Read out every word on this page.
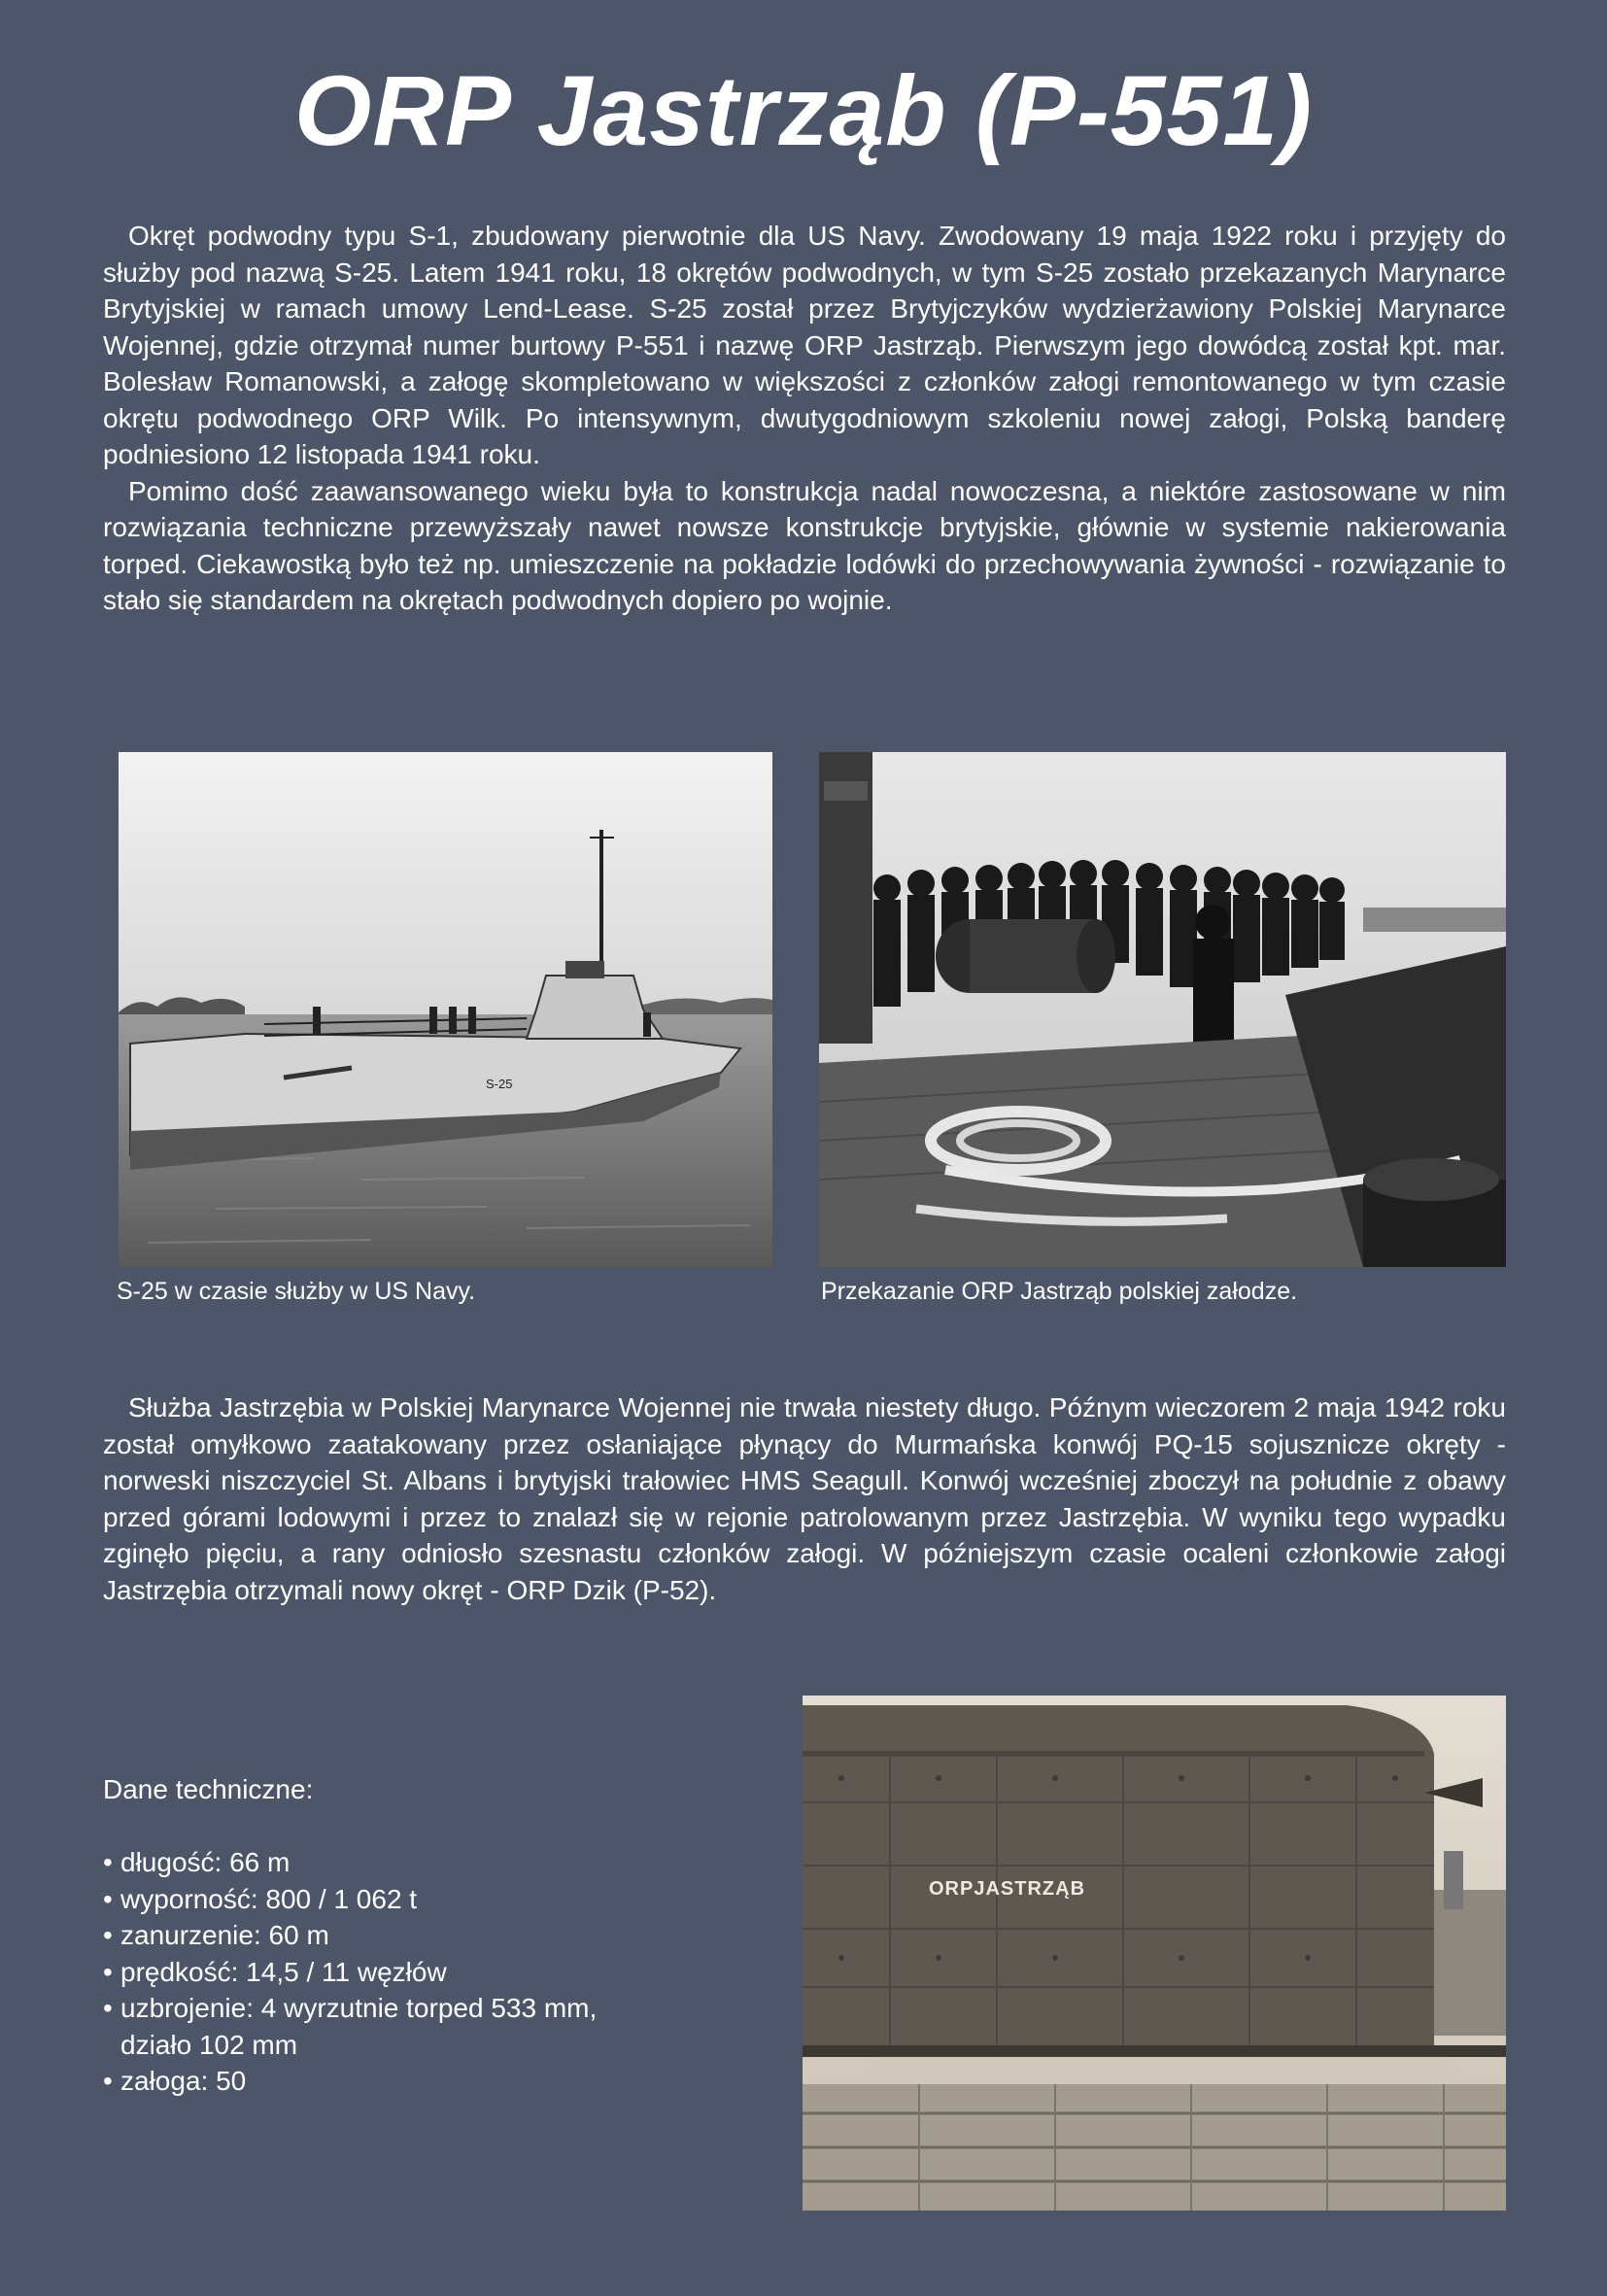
ORP Jastrząb (P-551)

Okręt podwodny typu S-1, zbudowany pierwotnie dla US Navy. Zwodowany 19 maja 1922 roku i przyjęty do służby pod nazwą S-25. Latem 1941 roku, 18 okrętów podwodnych, w tym S-25 zostało przekazanych Marynarce Brytyjskiej w ramach umowy Lend-Lease. S-25 został przez Brytyjczyków wydzierżawiony Polskiej Marynarce Wojennej, gdzie otrzymał numer burtowy P-551 i nazwę ORP Jastrząb. Pierwszym jego dowódcą został kpt. mar. Bolesław Romanowski, a załogę skompletowano w większości z członków załogi remontowanego w tym czasie okrętu podwodnego ORP Wilk. Po intensywnym, dwutygodniowym szkoleniu nowej załogi, Polską banderę podniesiono 12 listopada 1941 roku.

Pomimo dość zaawansowanego wieku była to konstrukcja nadal nowoczesna, a niektóre zastosowane w nim rozwiązania techniczne przewyższały nawet nowsze konstrukcje brytyjskie, głównie w systemie nakierowania torped. Ciekawostką było też np. umieszczenie na pokładzie lodówki do przechowywania żywności - rozwiązanie to stało się standardem na okrętach podwodnych dopiero po wojnie.

S-25
S-25 w czasie służby w US Navy.	Przekazanie ORP Jastrząb polskiej załodze.

Służba Jastrzębia w Polskiej Marynarce Wojennej nie trwała niestety długo. Późnym wieczorem 2 maja 1942 roku został omyłkowo zaatakowany przez osłaniające płynący do Murmańska konwój PQ-15 sojusznicze okręty - norweski niszczyciel St. Albans i brytyjski trałowiec HMS Seagull. Konwój wcześniej zboczył na południe z obawy przed górami lodowymi i przez to znalazł się w rejonie patrolowanym przez Jastrzębia. W wyniku tego wypadku zginęło pięciu, a rany odniosło szesnastu członków załogi. W późniejszym czasie ocaleni członkowie załogi Jastrzębia otrzymali nowy okręt - ORP Dzik (P-52).

Dane techniczne:
• długość: 66 m
• wyporność: 800 / 1 062 t
• zanurzenie: 60 m
• prędkość: 14,5 / 11 węzłów
• uzbrojenie: 4 wyrzutnie torped 533 mm,
działo 102 mm
• załoga: 50
ORPJASTRZĄB
